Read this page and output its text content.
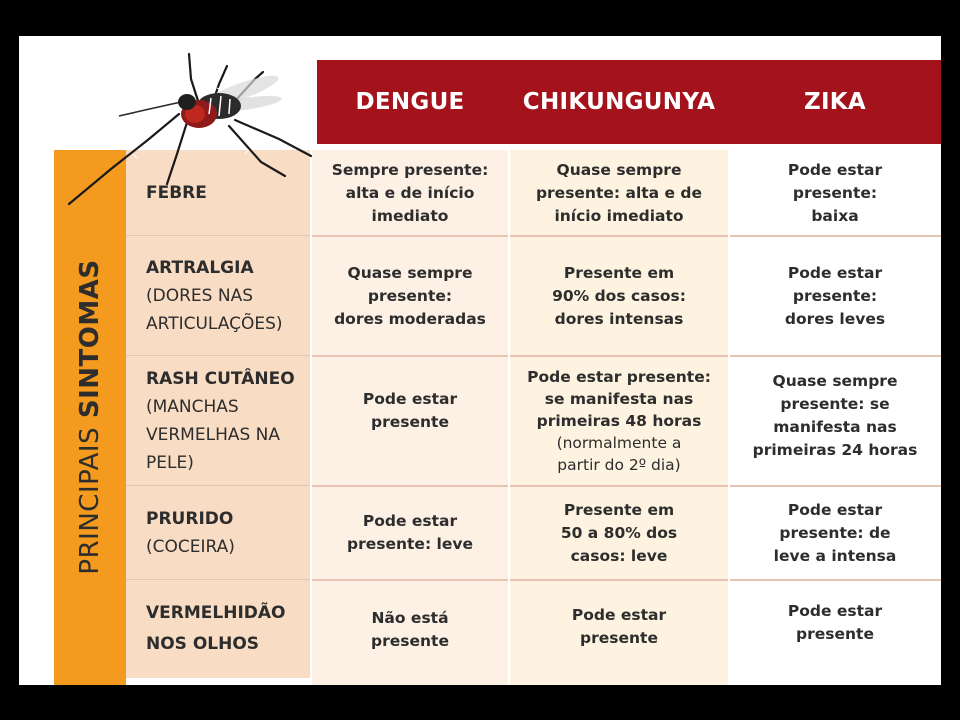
DENGUE	CHIKUNGUNYA	ZIKA
PRINCIPAIS SINTOMAS
FEBRE
Sempre presente:
alta e de início
imediato
Quase sempre
presente: alta e de
início imediato
Pode estar
presente:
baixa
ARTRALGIA
(DORES NAS
ARTICULAÇÕES)
Quase sempre
presente:
dores moderadas
Presente em
90% dos casos:
dores intensas
Pode estar
presente:
dores leves
RASH CUTÂNEO
(MANCHAS
VERMELHAS NA
PELE)
Pode estar
presente
Pode estar presente:
se manifesta nas
primeiras 48 horas
(normalmente a
partir do 2º dia)
Quase sempre
presente: se
manifesta nas
primeiras 24 horas
PRURIDO
(COCEIRA)
Pode estar
presente: leve
Presente em
50 a 80% dos
casos: leve
Pode estar
presente: de
leve a intensa
VERMELHIDÃO
NOS OLHOS
Não está
presente
Pode estar
presente
Pode estar
presente
